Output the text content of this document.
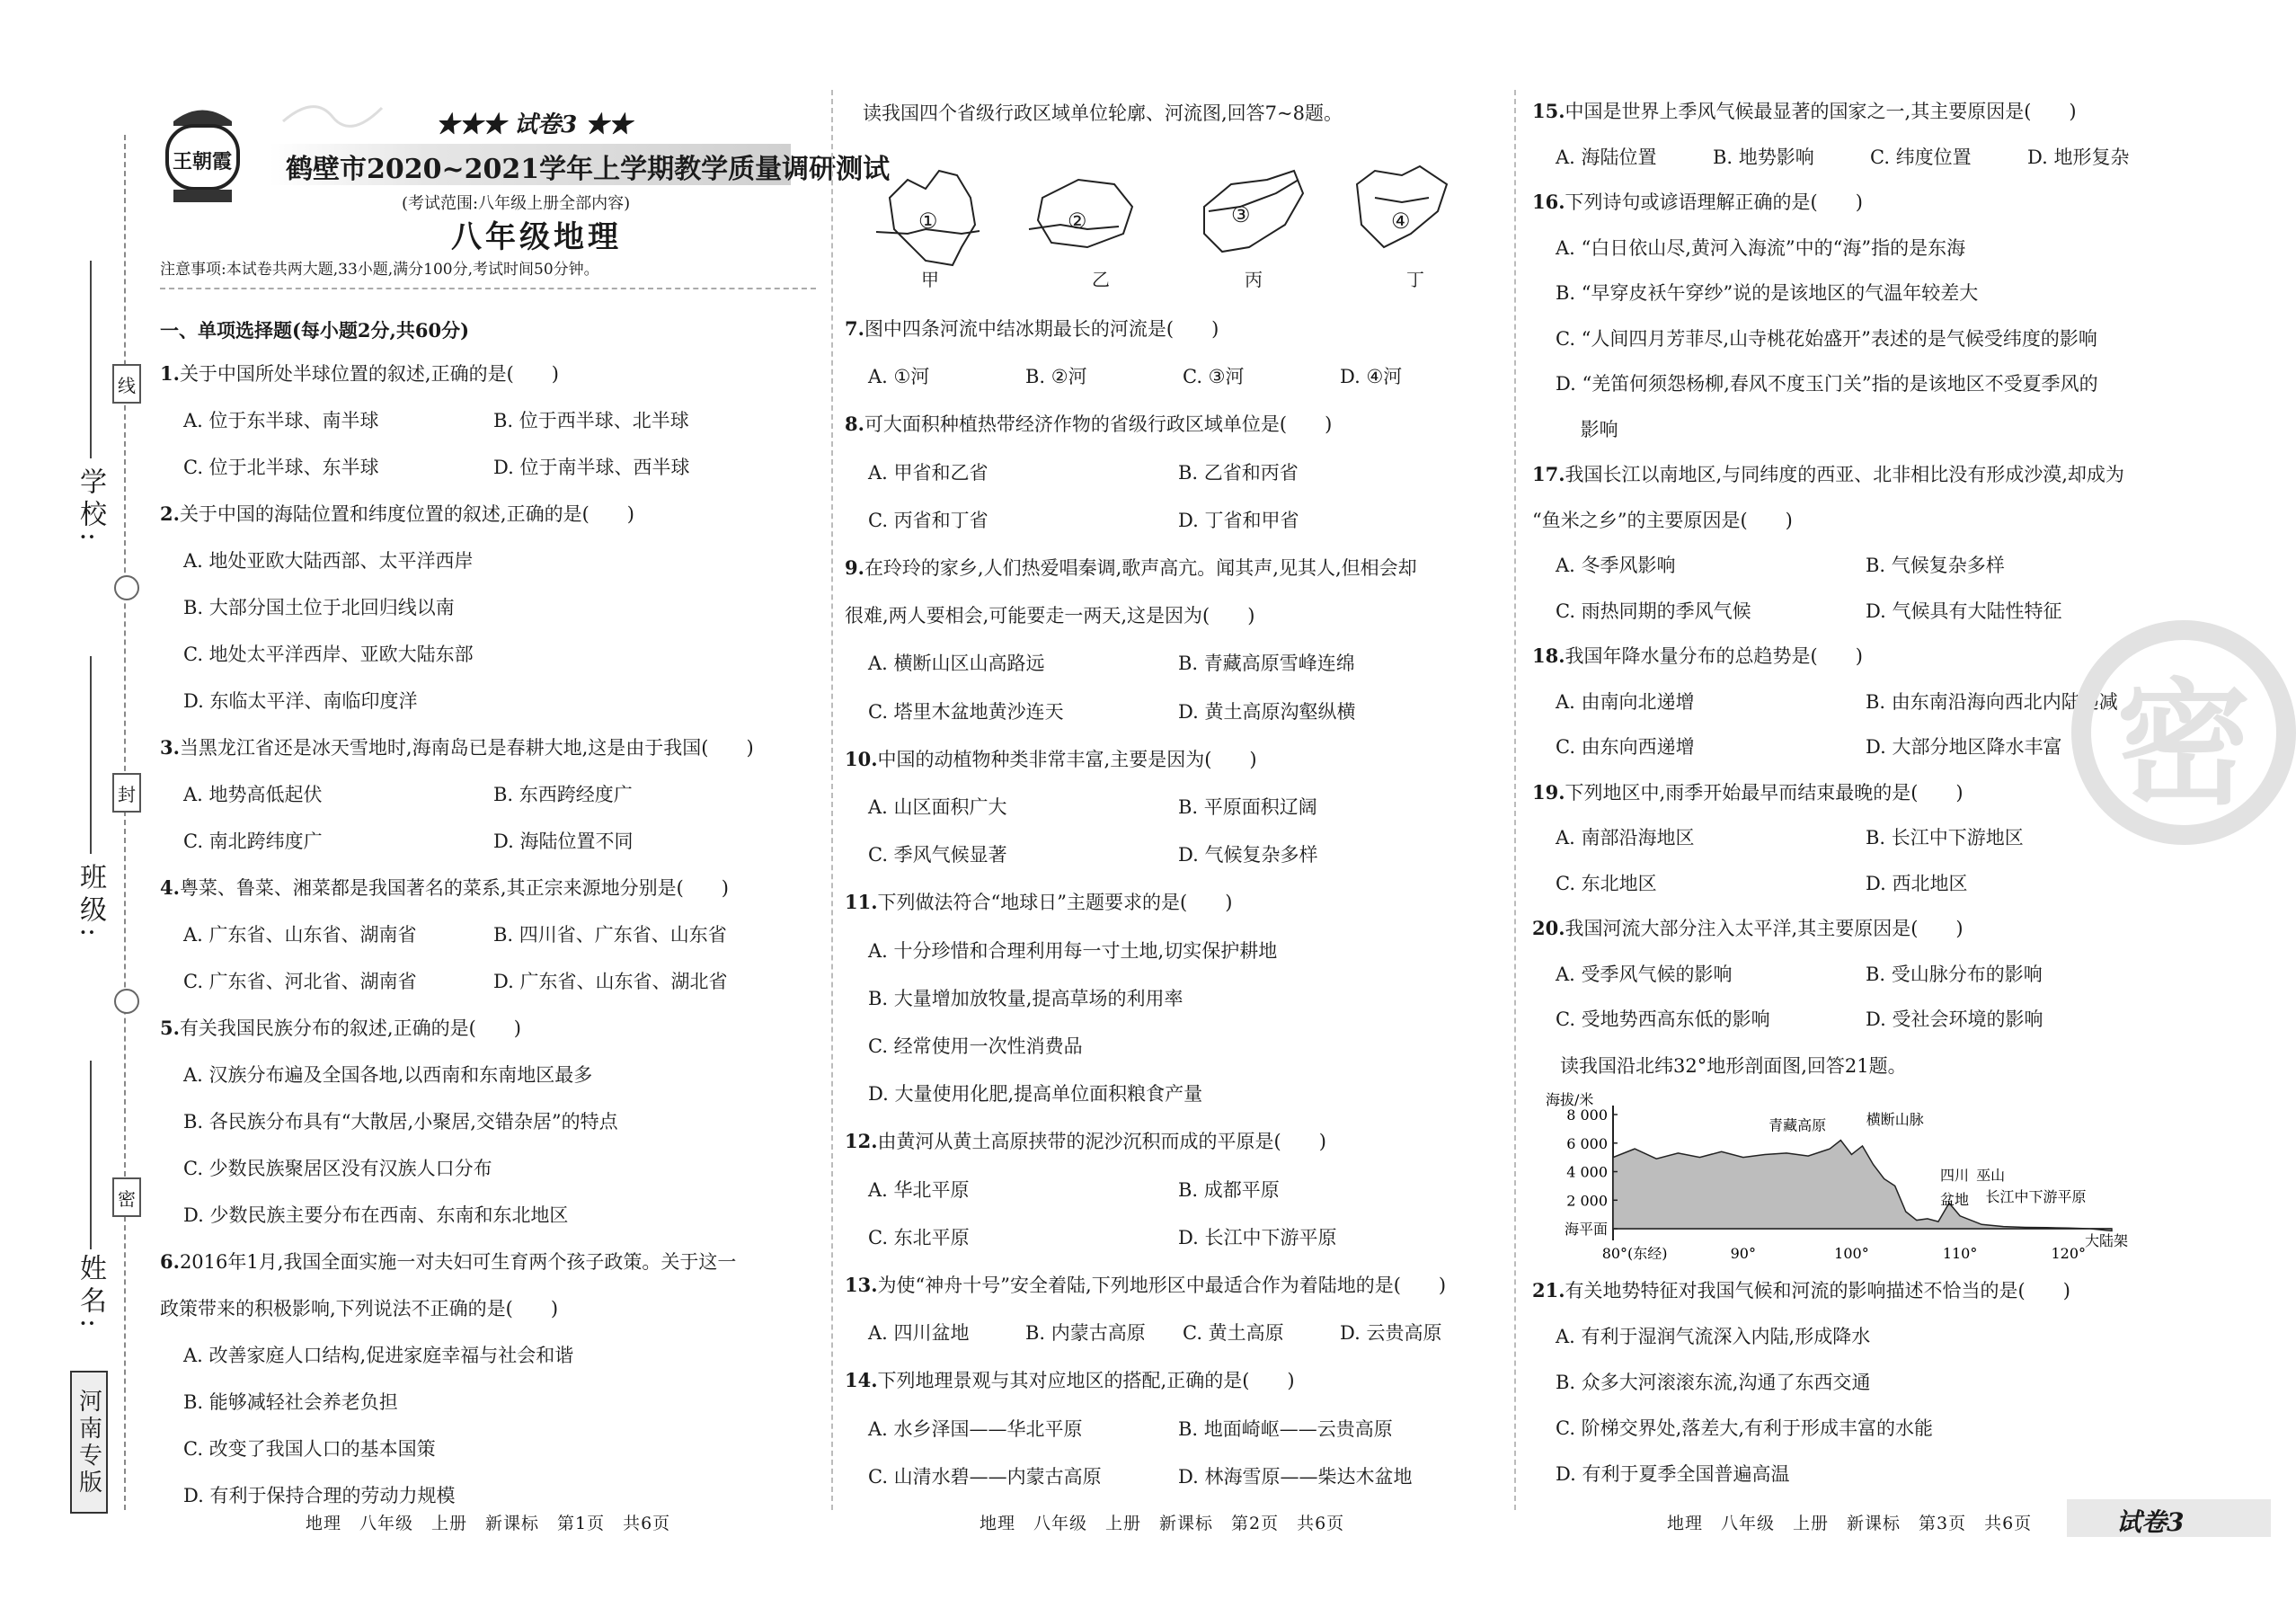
学校:
班级:
姓名:
线
封
密
河南专版
王朝霞
★★★ 试卷3 ★★
鹤壁市2020~2021学年上学期教学质量调研测试
(考试范围:八年级上册全部内容)
八年级地理
注意事项:本试卷共两大题,33小题,满分100分,考试时间50分钟。
一、单项选择题(每小题2分,共60分)
1.关于中国所处半球位置的叙述,正确的是(　　)
A. 位于东半球、南半球	B. 位于西半球、北半球
C. 位于北半球、东半球	D. 位于南半球、西半球
2.关于中国的海陆位置和纬度位置的叙述,正确的是(　　)
A. 地处亚欧大陆西部、太平洋西岸
B. 大部分国土位于北回归线以南
C. 地处太平洋西岸、亚欧大陆东部
D. 东临太平洋、南临印度洋
3.当黑龙江省还是冰天雪地时,海南岛已是春耕大地,这是由于我国(　　)
A. 地势高低起伏	B. 东西跨经度广
C. 南北跨纬度广	D. 海陆位置不同
4.粤菜、鲁菜、湘菜都是我国著名的菜系,其正宗来源地分别是(　　)
A. 广东省、山东省、湖南省	B. 四川省、广东省、山东省
C. 广东省、河北省、湖南省	D. 广东省、山东省、湖北省
5.有关我国民族分布的叙述,正确的是(　　)
A. 汉族分布遍及全国各地,以西南和东南地区最多
B. 各民族分布具有“大散居,小聚居,交错杂居”的特点
C. 少数民族聚居区没有汉族人口分布
D. 少数民族主要分布在西南、东南和东北地区
6.2016年1月,我国全面实施一对夫妇可生育两个孩子政策。关于这一
政策带来的积极影响,下列说法不正确的是(　　)
A. 改善家庭人口结构,促进家庭幸福与社会和谐
B. 能够减轻社会养老负担
C. 改变了我国人口的基本国策
D. 有利于保持合理的劳动力规模
读我国四个省级行政区域单位轮廓、河流图,回答7~8题。
①	②	③	④
甲	乙	丙	丁
7.图中四条河流中结冰期最长的河流是(　　)
A. ①河	B. ②河	C. ③河	D. ④河
8.可大面积种植热带经济作物的省级行政区域单位是(　　)
A. 甲省和乙省	B. 乙省和丙省
C. 丙省和丁省	D. 丁省和甲省
9.在玲玲的家乡,人们热爱唱秦调,歌声高亢。闻其声,见其人,但相会却
很难,两人要相会,可能要走一两天,这是因为(　　)
A. 横断山区山高路远	B. 青藏高原雪峰连绵
C. 塔里木盆地黄沙连天	D. 黄土高原沟壑纵横
10.中国的动植物种类非常丰富,主要是因为(　　)
A. 山区面积广大	B. 平原面积辽阔
C. 季风气候显著	D. 气候复杂多样
11.下列做法符合“地球日”主题要求的是(　　)
A. 十分珍惜和合理利用每一寸土地,切实保护耕地
B. 大量增加放牧量,提高草场的利用率
C. 经常使用一次性消费品
D. 大量使用化肥,提高单位面积粮食产量
12.由黄河从黄土高原挟带的泥沙沉积而成的平原是(　　)
A. 华北平原	B. 成都平原
C. 东北平原	D. 长江中下游平原
13.为使“神舟十号”安全着陆,下列地形区中最适合作为着陆地的是(　　)
A. 四川盆地	B. 内蒙古高原 C. 黄土高原	D. 云贵高原
14.下列地理景观与其对应地区的搭配,正确的是(　　)
A. 水乡泽国——华北平原	B. 地面崎岖——云贵高原
C. 山清水碧——内蒙古高原	D. 林海雪原——柴达木盆地
15.中国是世界上季风气候最显著的国家之一,其主要原因是(　　)
A. 海陆位置	B. 地势影响	C. 纬度位置	D. 地形复杂
16.下列诗句或谚语理解正确的是(　　)
A. “白日依山尽,黄河入海流”中的“海”指的是东海
B. “早穿皮袄午穿纱”说的是该地区的气温年较差大
C. “人间四月芳菲尽,山寺桃花始盛开”表述的是气候受纬度的影响
D. “羌笛何须怨杨柳,春风不度玉门关”指的是该地区不受夏季风的
　 影响
17.我国长江以南地区,与同纬度的西亚、北非相比没有形成沙漠,却成为
“鱼米之乡”的主要原因是(　　)
A. 冬季风影响	B. 气候复杂多样
C. 雨热同期的季风气候	D. 气候具有大陆性特征
18.我国年降水量分布的总趋势是(　　)
A. 由南向北递增	B. 由东南沿海向西北内陆递减
C. 由东向西递增	D. 大部分地区降水丰富
19.下列地区中,雨季开始最早而结束最晚的是(　　)
A. 南部沿海地区	B. 长江中下游地区
C. 东北地区	D. 西北地区
20.我国河流大部分注入太平洋,其主要原因是(　　)
A. 受季风气候的影响	B. 受山脉分布的影响
C. 受地势西高东低的影响	D. 受社会环境的影响
读我国沿北纬32°地形剖面图,回答21题。
8 000
6 000
4 000
2 000
海平面
海拔/米
80°(东经)	90°	100°	110°	120°
青藏高原	横断山脉
四川
盆地
巫山
长江中下游平原
大陆架
21.有关地势特征对我国气候和河流的影响描述不恰当的是(　　)
A. 有利于湿润气流深入内陆,形成降水
B. 众多大河滚滚东流,沟通了东西交通
C. 阶梯交界处,落差大,有利于形成丰富的水能
D. 有利于夏季全国普遍高温
密
地理　八年级　上册　新课标　第1页　共6页	地理　八年级　上册　新课标　第2页　共6页	地理　八年级　上册　新课标　第3页　共6页	试卷3
